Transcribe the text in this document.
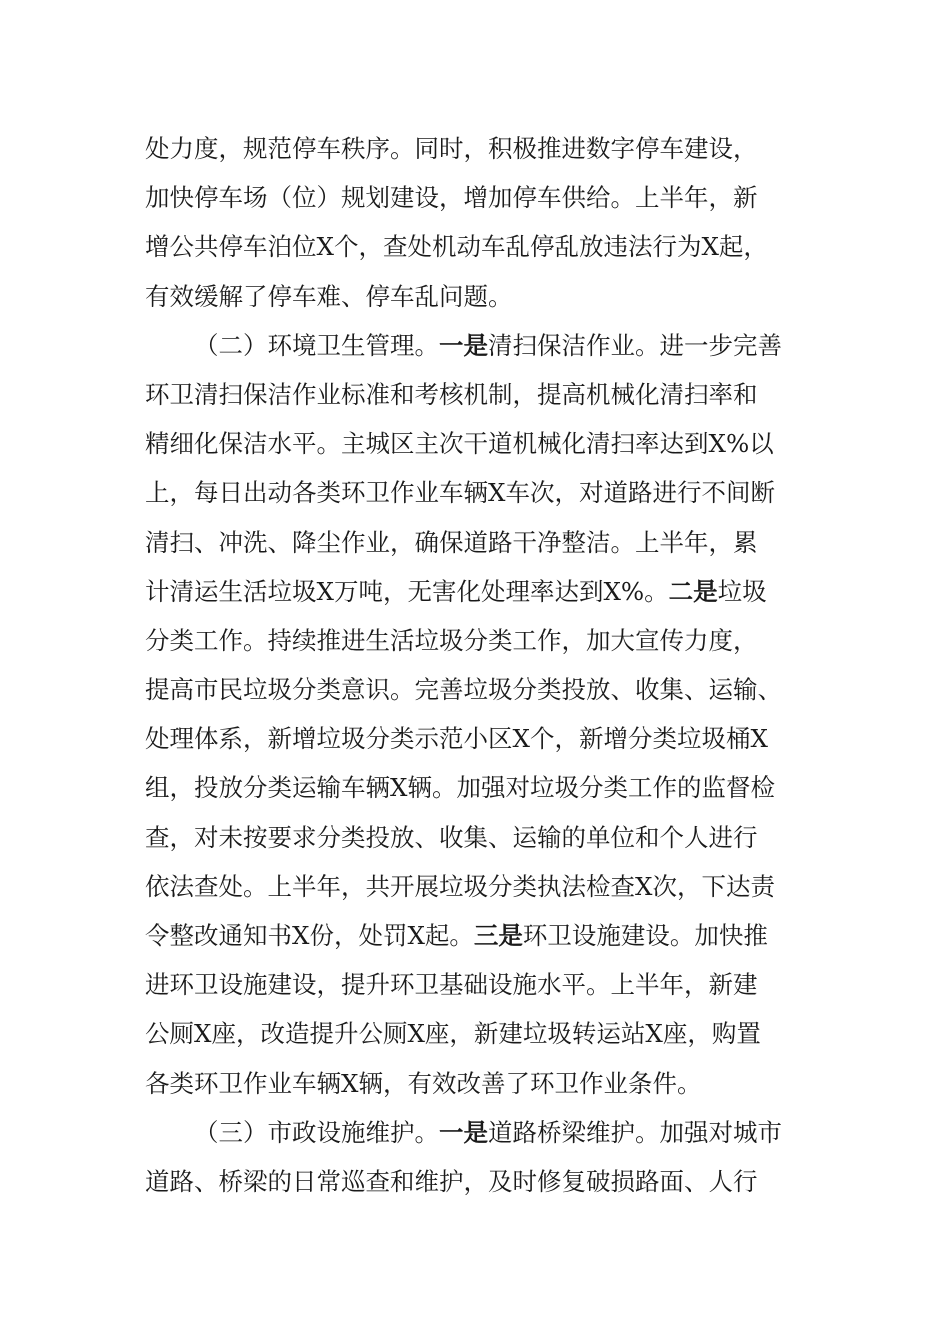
处力度，规范停车秩序。同时，积极推进数字停车建设，
加快停车场（位）规划建设，增加停车供给。上半年，新
增公共停车泊位X个，查处机动车乱停乱放违法行为X起，
有效缓解了停车难、停车乱问题。
（二）环境卫生管理。一是清扫保洁作业。进一步完善
环卫清扫保洁作业标准和考核机制，提高机械化清扫率和
精细化保洁水平。主城区主次干道机械化清扫率达到X%以
上，每日出动各类环卫作业车辆X车次，对道路进行不间断
清扫、冲洗、降尘作业，确保道路干净整洁。上半年，累
计清运生活垃圾X万吨，无害化处理率达到X%。二是垃圾
分类工作。持续推进生活垃圾分类工作，加大宣传力度，
提高市民垃圾分类意识。完善垃圾分类投放、收集、运输、
处理体系，新增垃圾分类示范小区X个，新增分类垃圾桶X
组，投放分类运输车辆X辆。加强对垃圾分类工作的监督检
查，对未按要求分类投放、收集、运输的单位和个人进行
依法查处。上半年，共开展垃圾分类执法检查X次，下达责
令整改通知书X份，处罚X起。三是环卫设施建设。加快推
进环卫设施建设，提升环卫基础设施水平。上半年，新建
公厕X座，改造提升公厕X座，新建垃圾转运站X座，购置
各类环卫作业车辆X辆，有效改善了环卫作业条件。
（三）市政设施维护。一是道路桥梁维护。加强对城市
道路、桥梁的日常巡查和维护，及时修复破损路面、人行
